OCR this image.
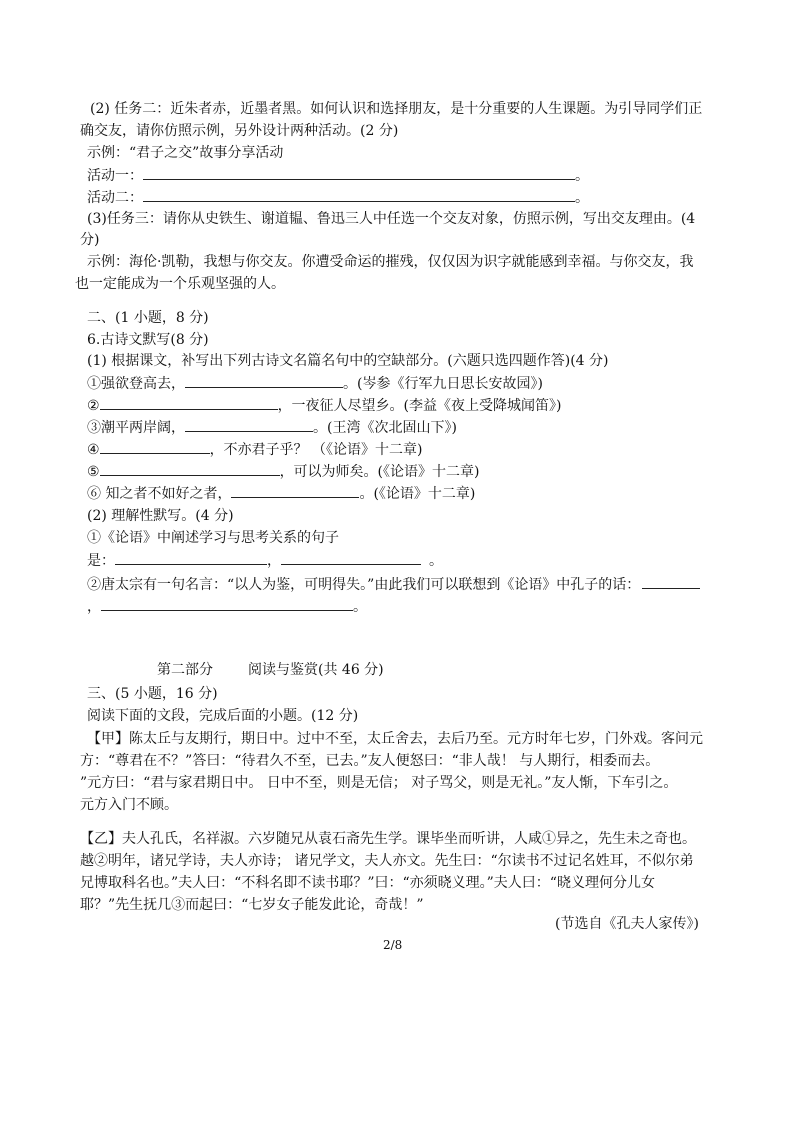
(2) 任务二：近朱者赤，近墨者黑。如何认识和选择朋友，是十分重要的人生课题。为引导同学们正
确交友，请你仿照示例，另外设计两种活动。(2 分)
示例：“君子之交”故事分享活动
活动一：	。
活动二：	。
(3)任务三：请你从史铁生、谢道韫、鲁迅三人中任选一个交友对象，仿照示例，写出交友理由。(4
分)
示例：海伦·凯勒，我想与你交友。你遭受命运的摧残，仅仅因为识字就能感到幸福。与你交友，我
也一定能成为一个乐观坚强的人。
二、(1 小题，8 分)
6.古诗文默写(8 分)
(1) 根据课文，补写出下列古诗文名篇名句中的空缺部分。(六题只选四题作答)(4 分)
①强欲登高去，	。(岑参《行军九日思长安故园》)
②	，一夜征人尽望乡。(李益《夜上受降城闻笛》)
③潮平两岸阔，	。(王湾《次北固山下》)
④	，不亦君子乎？ （《论语》十二章)
⑤	，可以为师矣。(《论语》十二章)
⑥ 知之者不如好之者，	。(《论语》十二章)
(2) 理解性默写。(4 分)
①《论语》中阐述学习与思考关系的句子
是：	，	。
②唐太宗有一句名言：“以人为鉴，可明得失。”由此我们可以联想到《论语》中孔子的话：
，	。
第二部分	阅读与鉴赏(共 46 分)
三、(5 小题，16 分)
阅读下面的文段，完成后面的小题。(12 分)
【甲】陈太丘与友期行，期日中。过中不至，太丘舍去，去后乃至。元方时年七岁，门外戏。客问元
方：“尊君在不？”答曰：“待君久不至，已去。”友人便怒曰：“非人哉！ 与人期行，相委而去。
”元方曰：“君与家君期日中。 日中不至，则是无信； 对子骂父，则是无礼。”友人惭，下车引之。
元方入门不顾。
【乙】夫人孔氏，名祥淑。六岁随兄从袁石斋先生学。课毕坐而听讲，人咸①异之，先生未之奇也。
越②明年，诸兄学诗，夫人亦诗； 诸兄学文，夫人亦文。先生曰：“尔读书不过记名姓耳，不似尔弟
兄博取科名也。”夫人曰：“不科名即不读书耶？”曰：“亦须晓义理。”夫人曰：“晓义理何分儿女
耶？”先生抚几③而起曰：“七岁女子能发此论，奇哉！”
(节选自《孔夫人家传》)
2/8
